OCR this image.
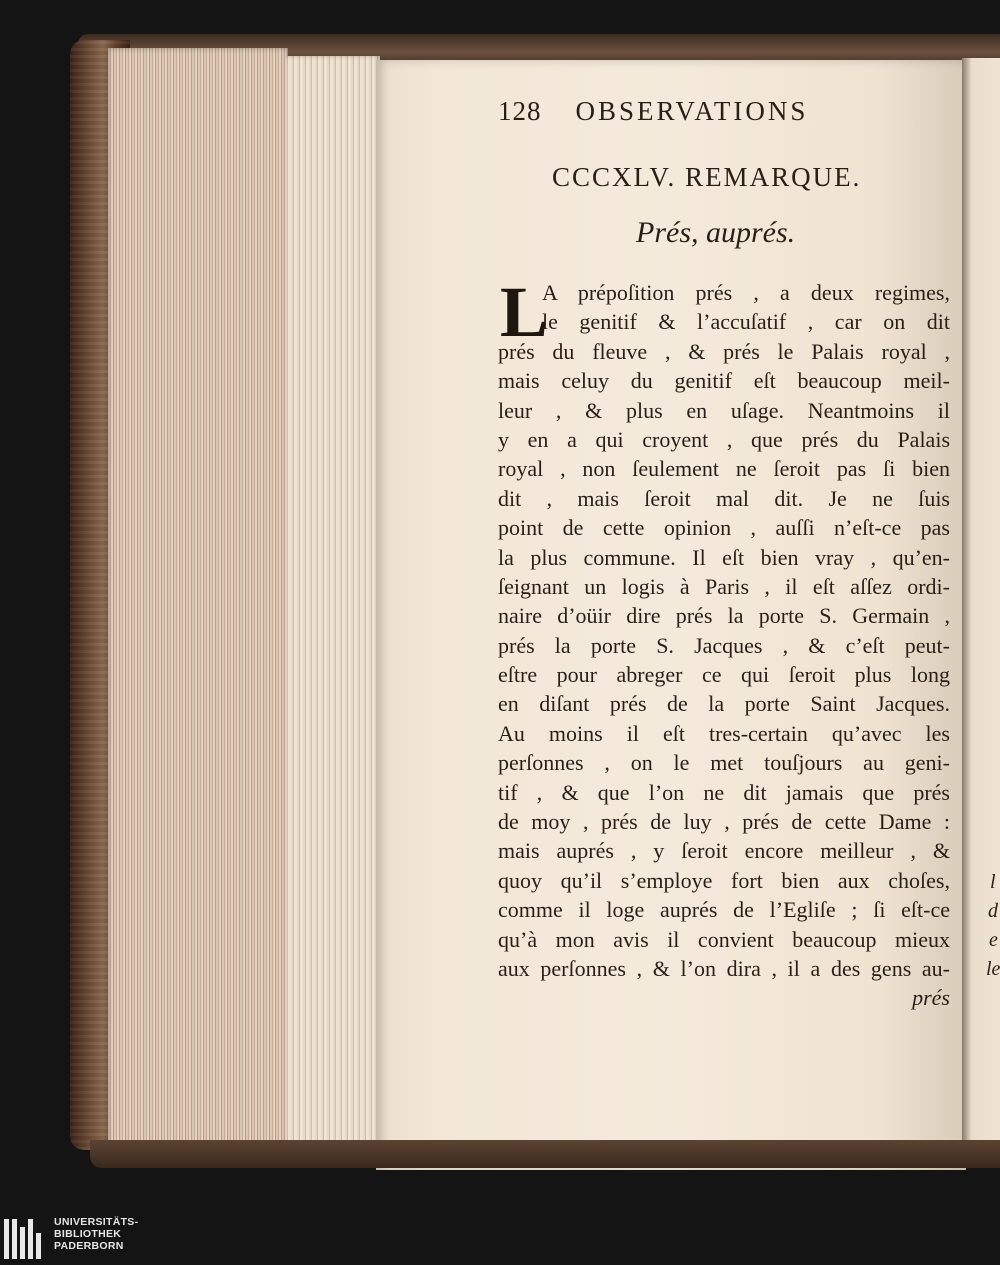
l
d
e
le
128 OBSERVATIONS
CCCXLV. REMARQUE.
Prés, auprés.
L
A prépoſition prés , a deux regimes,
le genitif & l’accuſatif , car on dit
prés du fleuve , & prés le Palais royal ,
mais celuy du genitif eſt beaucoup meil-
leur , & plus en uſage. Neantmoins il
y en a qui croyent , que prés du Palais
royal , non ſeulement ne ſeroit pas ſi bien
dit , mais ſeroit mal dit. Je ne ſuis
point de cette opinion , auſſi n’eſt-ce pas
la plus commune. Il eſt bien vray , qu’en-
ſeignant un logis à Paris , il eſt aſſez ordi-
naire d’oüir dire prés la porte S. Germain ,
prés la porte S. Jacques , & c’eſt peut-
eſtre pour abreger ce qui ſeroit plus long
en diſant prés de la porte Saint Jacques.
Au moins il eſt tres-certain qu’avec les
perſonnes , on le met touſjours au geni-
tif , & que l’on ne dit jamais que prés
de moy , prés de luy , prés de cette Dame :
mais auprés , y ſeroit encore meilleur , &
quoy qu’il s’employe fort bien aux choſes,
comme il loge auprés de l’Egliſe ; ſi eſt-ce
qu’à mon avis il convient beaucoup mieux
aux perſonnes , & l’on dira , il a des gens au-
prés
UNIVERSITÄTS-
BIBLIOTHEK
PADERBORN
